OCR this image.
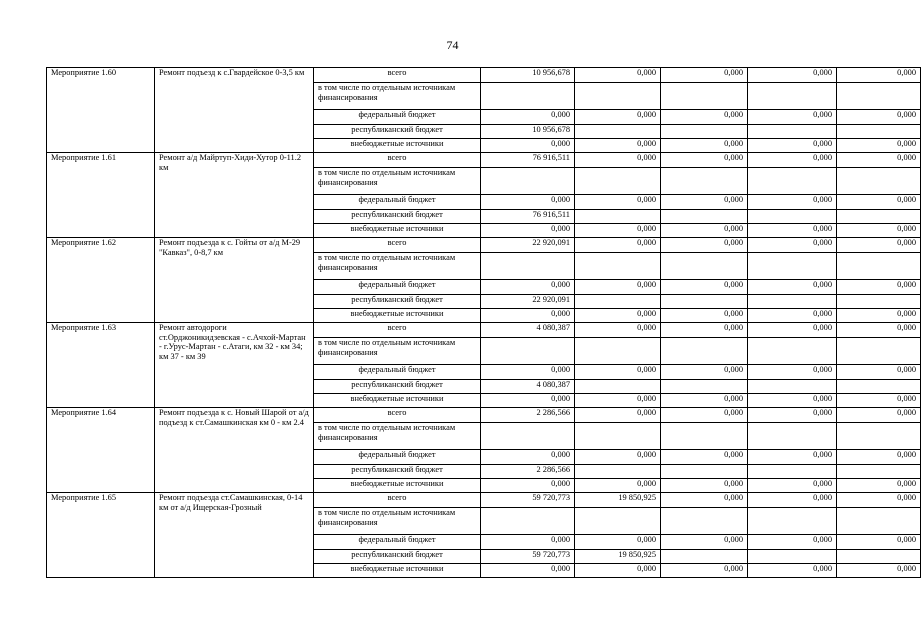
74
Мероприятие 1.60	Ремонт подъезд к с.Гвардейское 0-3,5 км	всего	10 956,678	0,000	0,000	0,000	0,000
		в том числе по отдельным источникам финансирования					
		федеральный бюджет	0,000	0,000	0,000	0,000	0,000
		республиканский бюджет	10 956,678				
		внебюджетные источники	0,000	0,000	0,000	0,000	0,000
Мероприятие 1.61	Ремонт а/д Майртуп-Хиди-Хутор 0-11.2 км	всего	76 916,511	0,000	0,000	0,000	0,000
		в том числе по отдельным источникам финансирования					
		федеральный бюджет	0,000	0,000	0,000	0,000	0,000
		республиканский бюджет	76 916,511				
		внебюджетные источники	0,000	0,000	0,000	0,000	0,000
Мероприятие 1.62	Ремонт подъезда к с. Гойты от а/д М-29 "Кавказ", 0-8,7 км	всего	22 920,091	0,000	0,000	0,000	0,000
		в том числе по отдельным источникам финансирования					
		федеральный бюджет	0,000	0,000	0,000	0,000	0,000
		республиканский бюджет	22 920,091				
		внебюджетные источники	0,000	0,000	0,000	0,000	0,000
Мероприятие 1.63	Ремонт автодороги ст.Орджоникидзевская - с.Ачхой-Мартан - г.Урус-Мартан - с.Атаги, км 32 - км 34; км 37 - км 39	всего	4 080,387	0,000	0,000	0,000	0,000
		в том числе по отдельным источникам финансирования					
		федеральный бюджет	0,000	0,000	0,000	0,000	0,000
		республиканский бюджет	4 080,387				
		внебюджетные источники	0,000	0,000	0,000	0,000	0,000
Мероприятие 1.64	Ремонт подъезда к с. Новый Шарой от а/д подъезд к ст.Самашкинская км 0 - км 2.4	всего	2 286,566	0,000	0,000	0,000	0,000
		в том числе по отдельным источникам финансирования					
		федеральный бюджет	0,000	0,000	0,000	0,000	0,000
		республиканский бюджет	2 286,566				
		внебюджетные источники	0,000	0,000	0,000	0,000	0,000
Мероприятие 1.65	Ремонт подъезда ст.Самашкинская, 0-14 км от а/д Ищерская-Грозный	всего	59 720,773	19 850,925	0,000	0,000	0,000
		в том числе по отдельным источникам финансирования					
		федеральный бюджет	0,000	0,000	0,000	0,000	0,000
		республиканский бюджет	59 720,773	19 850,925			
		внебюджетные источники	0,000	0,000	0,000	0,000	0,000
